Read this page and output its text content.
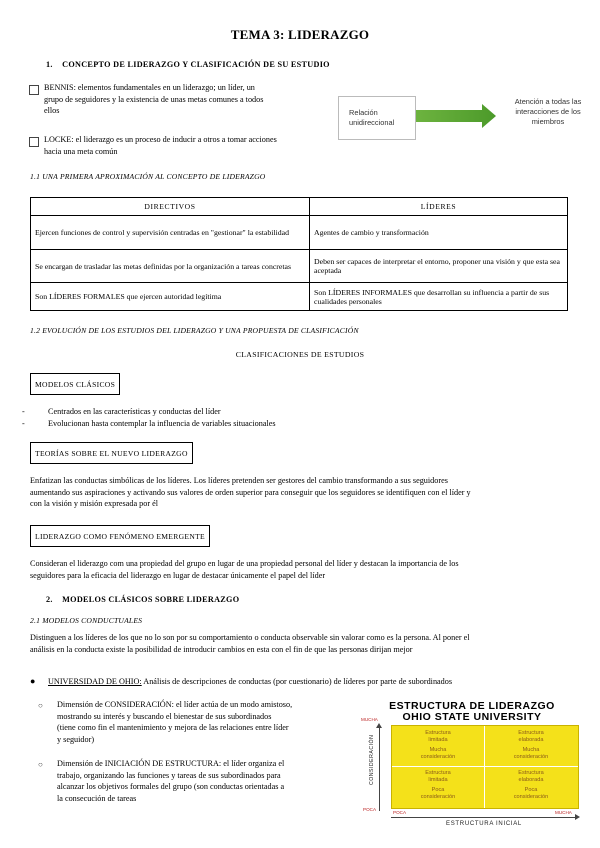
TEMA 3: LIDERAZGO
1.    CONCEPTO DE LIDERAZGO Y CLASIFICACIÓN DE SU ESTUDIO
BENNIS: elementos fundamentales en un liderazgo; un líder, un
grupo de seguidores y la existencia de unas metas comunes a todos
ellos
LOCKE: el liderazgo es un proceso de inducir a otros a tomar acciones
hacia una meta común
Relación
unidireccional
Atención a todas las
interacciones de los
miembros
1.1 UNA PRIMERA APROXIMACIÓN AL CONCEPTO DE LIDERAZGO
DIRECTIVOS	LÍDERES
Ejercen funciones de control y supervisión centradas en "gestionar" la estabilidad	Agentes de cambio y transformación
Se encargan de trasladar las metas definidas por la organización a tareas concretas	Deben ser capaces de interpretar el entorno, proponer una visión y que esta sea aceptada
Son LÍDERES FORMALES que ejercen autoridad legítima	Son LÍDERES INFORMALES que desarrollan su influencia a partir de sus cualidades personales
1.2 EVOLUCIÓN DE LOS ESTUDIOS DEL LIDERAZGO Y UNA PROPUESTA DE CLASIFICACIÓN
CLASIFICACIONES DE ESTUDIOS
MODELOS CLÁSICOS
- Centrados en las características y conductas del líder
- Evolucionan hasta contemplar la influencia de variables situacionales
TEORÍAS SOBRE EL NUEVO LIDERAZGO
Enfatizan las conductas simbólicas de los líderes. Los líderes pretenden ser gestores del cambio transformando a sus seguidores
aumentando sus aspiraciones y activando sus valores de orden superior para conseguir que los seguidores se identifiquen con el líder y
con la visión y misión expresada por él
LIDERAZGO COMO FENÓMENO EMERGENTE
Consideran el liderazgo com una propiedad del grupo en lugar de una propiedad personal del líder y destacan la importancia de los
seguidores para la eficacia del liderazgo en lugar de destacar únicamente el papel del líder
2.    MODELOS CLÁSICOS SOBRE LIDERAZGO
2.1 MODELOS CONDUCTUALES
Distinguen a los líderes de los que no lo son por su comportamiento o conducta observable sin valorar como es la persona. Al poner el
análisis en la conducta existe la posibilidad de introducir cambios en esta con el fin de que las personas dirijan mejor
● UNIVERSIDAD DE OHIO: Análisis de descripciones de conductas (por cuestionario) de líderes por parte de subordinados
○ Dimensión de CONSIDERACIÓN: el líder actúa de un modo amistoso,
mostrando su interés y buscando el bienestar de sus subordinados
(tiene como fin el mantenimiento y mejora de las relaciones entre líder
y seguidor)
○ Dimensión de INICIACIÓN DE ESTRUCTURA: el líder organiza el
trabajo, organizando las funciones y tareas de sus subordinados para
alcanzar los objetivos formales del grupo (son conductas orientadas a
la consecución de tareas
ESTRUCTURA DE LIDERAZGO
OHIO STATE UNIVERSITY
Estructura
limitada
Mucha
consideración
Estructura
elaborada
Mucha
consideración
Estructura
limitada
Poca
consideración
Estructura
elaborada
Poca
consideración
MUCHA
POCA
CONSIDERACIÓN
POCA	MUCHA
ESTRUCTURA INICIAL
